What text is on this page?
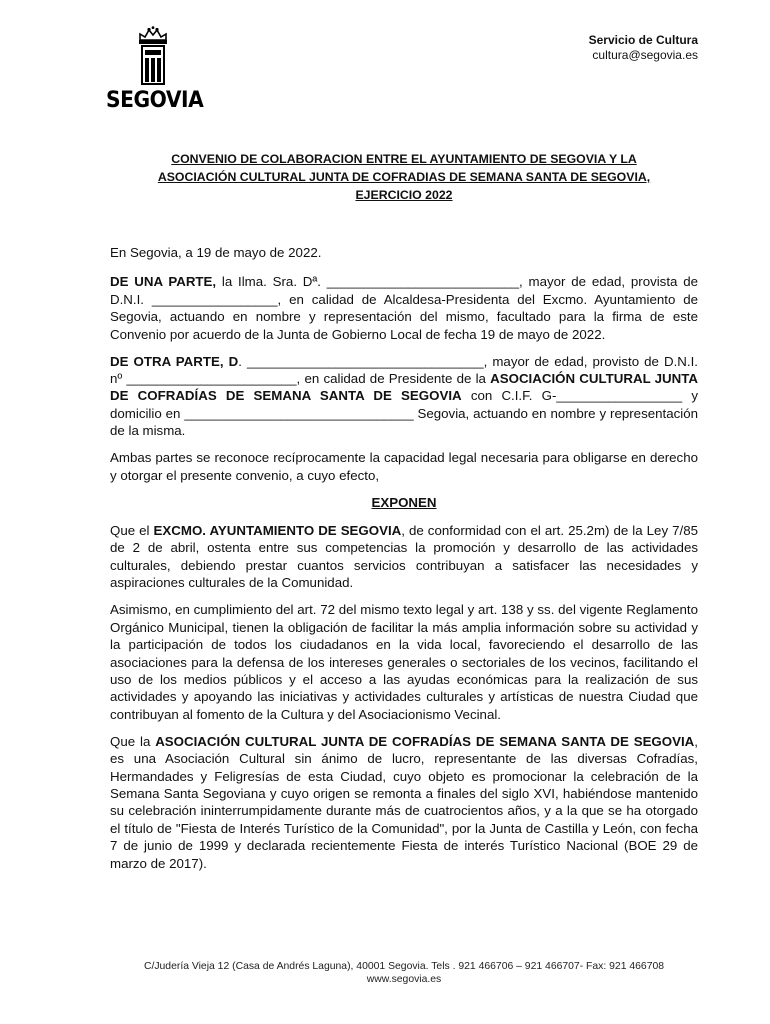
SEGOVIA
Servicio de Cultura
cultura@segovia.es
CONVENIO DE COLABORACION ENTRE EL AYUNTAMIENTO DE SEGOVIA Y LA
ASOCIACIÓN CULTURAL JUNTA DE COFRADIAS DE SEMANA SANTA DE SEGOVIA,
EJERCICIO 2022

En Segovia, a 19 de mayo de 2022.

DE UNA PARTE, la Ilma. Sra. Dª. __________________________, mayor de edad, provista de D.N.I. _________________, en calidad de Alcaldesa-Presidenta del Excmo. Ayuntamiento de Segovia, actuando en nombre y representación del mismo, facultado para la firma de este Convenio por acuerdo de la Junta de Gobierno Local de fecha 19 de mayo de 2022.

DE OTRA PARTE, D. ________________________________, mayor de edad, provisto de D.N.I. nº _______________________, en calidad de Presidente de la ASOCIACIÓN CULTURAL JUNTA DE COFRADÍAS DE SEMANA SANTA DE SEGOVIA con C.I.F. G-_________________ y domicilio en _______________________________ Segovia, actuando en nombre y representación de la misma.

Ambas partes se reconoce recíprocamente la capacidad legal necesaria para obligarse en derecho y otorgar el presente convenio, a cuyo efecto,

EXPONEN

Que el EXCMO. AYUNTAMIENTO DE SEGOVIA, de conformidad con el art. 25.2m) de la Ley 7/85 de 2 de abril, ostenta entre sus competencias la promoción y desarrollo de las actividades culturales, debiendo prestar cuantos servicios contribuyan a satisfacer las necesidades y aspiraciones culturales de la Comunidad.

Asimismo, en cumplimiento del art. 72 del mismo texto legal y art. 138 y ss. del vigente Reglamento Orgánico Municipal, tienen la obligación de facilitar la más amplia información sobre su actividad y la participación de todos los ciudadanos en la vida local, favoreciendo el desarrollo de las asociaciones para la defensa de los intereses generales o sectoriales de los vecinos, facilitando el uso de los medios públicos y el acceso a las ayudas económicas para la realización de sus actividades y apoyando las iniciativas y actividades culturales y artísticas de nuestra Ciudad que contribuyan al fomento de la Cultura y del Asociacionismo Vecinal.

Que la ASOCIACIÓN CULTURAL JUNTA DE COFRADÍAS DE SEMANA SANTA DE SEGOVIA, es una Asociación Cultural sin ánimo de lucro, representante de las diversas Cofradías, Hermandades y Feligresías de esta Ciudad, cuyo objeto es promocionar la celebración de la Semana Santa Segoviana y cuyo origen se remonta a finales del siglo XVI, habiéndose mantenido su celebración ininterrumpidamente durante más de cuatrocientos años, y a la que se ha otorgado el título de "Fiesta de Interés Turístico de la Comunidad", por la Junta de Castilla y León, con fecha 7 de junio de 1999 y declarada recientemente Fiesta de interés Turístico Nacional (BOE 29 de marzo de 2017).

C/Judería Vieja 12 (Casa de Andrés Laguna), 40001 Segovia. Tels . 921 466706 – 921 466707- Fax: 921 466708
www.segovia.es
